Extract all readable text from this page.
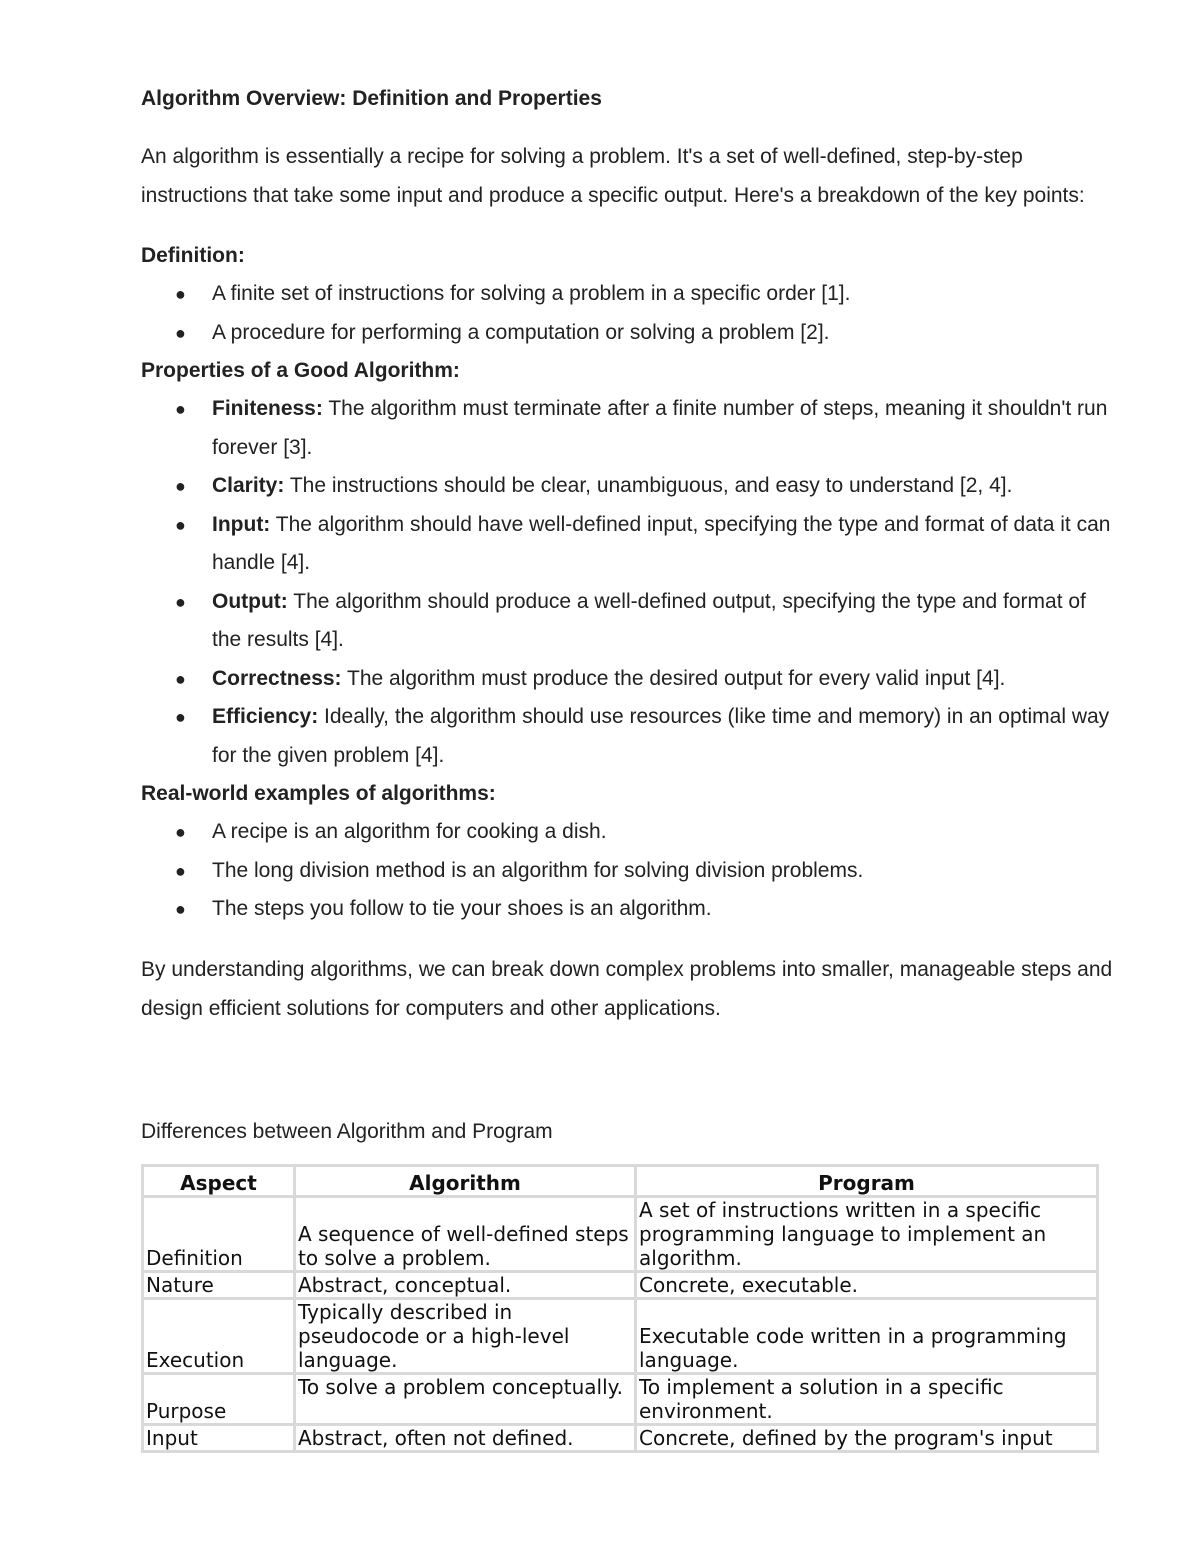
Algorithm Overview: Definition and Properties

An algorithm is essentially a recipe for solving a problem. It's a set of well-defined, step-by-step instructions that take some input and produce a specific output. Here's a breakdown of the key points:

Definition:
● A finite set of instructions for solving a problem in a specific order [1].
● A procedure for performing a computation or solving a problem [2].
Properties of a Good Algorithm:
● Finiteness: The algorithm must terminate after a finite number of steps, meaning it shouldn't run forever [3].
● Clarity: The instructions should be clear, unambiguous, and easy to understand [2, 4].
● Input: The algorithm should have well-defined input, specifying the type and format of data it can handle [4].
● Output: The algorithm should produce a well-defined output, specifying the type and format of the results [4].
● Correctness: The algorithm must produce the desired output for every valid input [4].
● Efficiency: Ideally, the algorithm should use resources (like time and memory) in an optimal way for the given problem [4].
Real-world examples of algorithms:
● A recipe is an algorithm for cooking a dish.
● The long division method is an algorithm for solving division problems.
● The steps you follow to tie your shoes is an algorithm.

By understanding algorithms, we can break down complex problems into smaller, manageable steps and design efficient solutions for computers and other applications.

Differences between Algorithm and Program

Aspect	Algorithm	Program
Definition	A sequence of well-defined steps to solve a problem.	A set of instructions written in a specific programming language to implement an algorithm.
Nature	Abstract, conceptual.	Concrete, executable.
Execution	Typically described in pseudocode or a high-level language.	Executable code written in a programming language.
Purpose	To solve a problem conceptually.	To implement a solution in a specific environment.
Input	Abstract, often not defined.	Concrete, defined by the program's input
